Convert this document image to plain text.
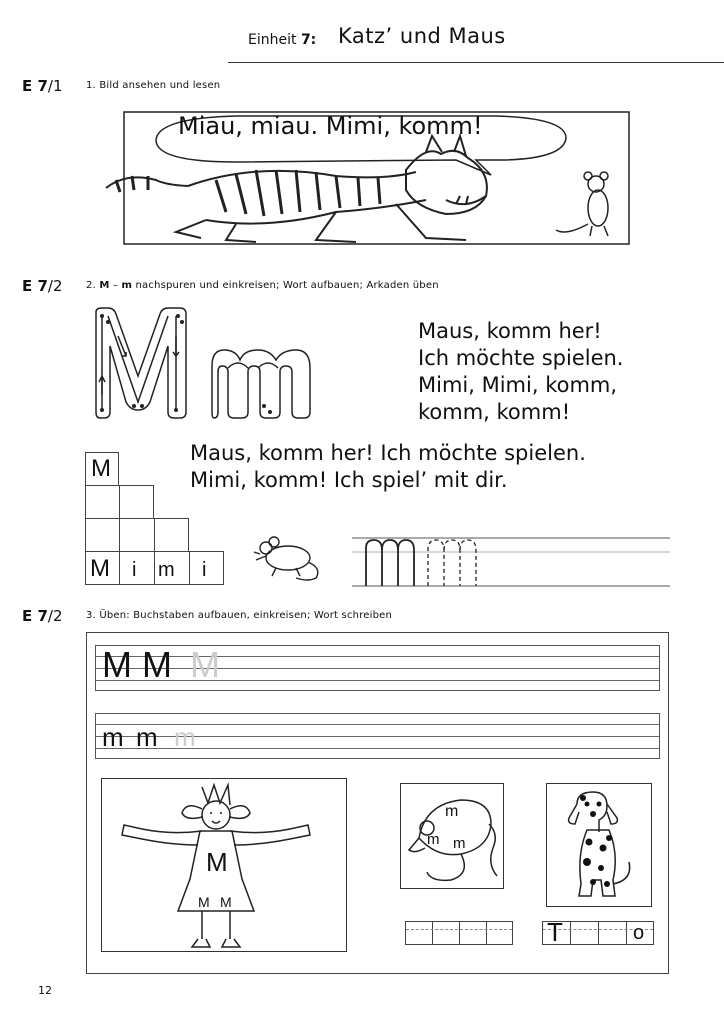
Einheit 7: Katz’ und Maus
E 7/1 1. Bild ansehen und lesen
Miau, miau. Mimi, komm!
E 7/2 2. M – m nachspuren und einkreisen; Wort aufbauen; Arkaden üben
Maus, komm her!
Ich möchte spielen.
Mimi, Mimi, komm,
komm, komm!
Maus, komm her! Ich möchte spielen.
Mimi, komm! Ich spiel’ mit dir.
M
M i m i
E 7/2 3. Üben: Buchstaben aufbauen, einkreisen; Wort schreiben
M M M
m m m
M
M M
m
m m
T	o
12
